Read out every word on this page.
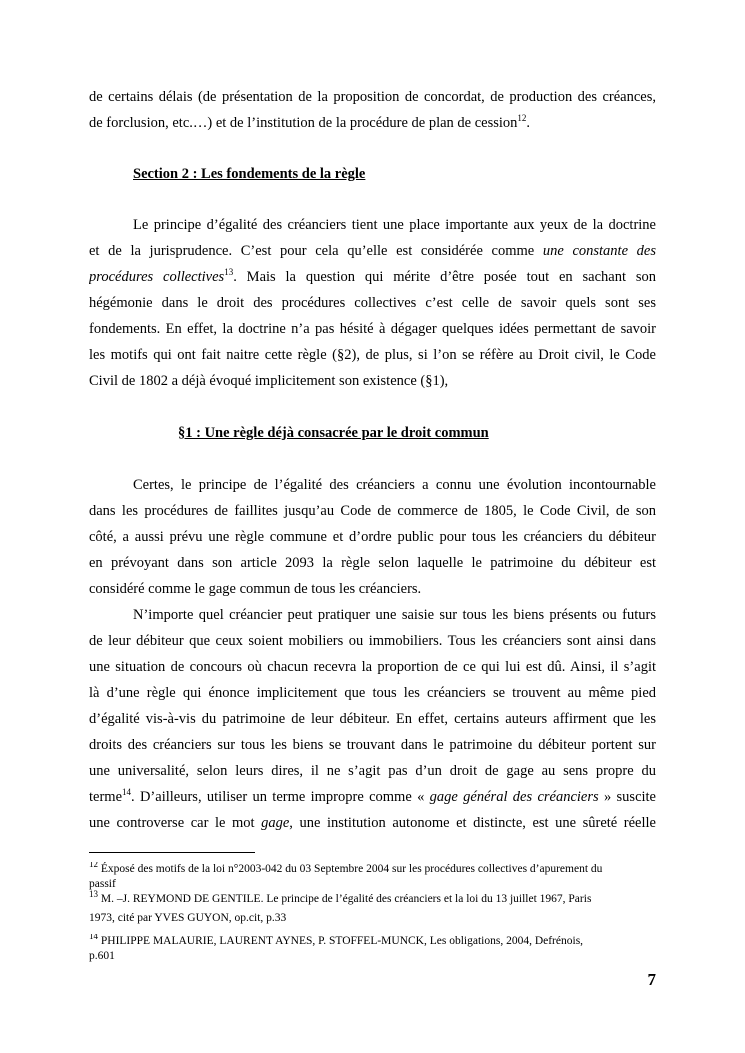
de certains délais (de présentation de la proposition de concordat, de production des créances,
de forclusion, etc.…) et de l’institution de la procédure de plan de cession$^{12}$.
Section 2 : Les fondements de la règle
Le principe d’égalité des créanciers tient une place importante aux yeux de la doctrine
et de la jurisprudence. C’est pour cela qu’elle est considérée comme une constante des
procédures collectives$^{13}$. Mais la question qui mérite d’être posée tout en sachant son
hégémonie dans le droit des procédures collectives c’est celle de savoir quels sont ses
fondements. En effet, la doctrine n’a pas hésité à dégager quelques idées permettant de savoir
les motifs qui ont fait naitre cette règle (§2), de plus, si l’on se réfère au Droit civil, le Code
Civil de 1802 a déjà évoqué implicitement son existence (§1),
§1 : Une règle déjà consacrée par le droit commun
Certes, le principe de l’égalité des créanciers a connu une évolution incontournable
dans les procédures de faillites jusqu’au Code de commerce de 1805, le Code Civil, de son
côté, a aussi prévu une règle commune et d’ordre public pour tous les créanciers du débiteur
en prévoyant dans son article 2093 la règle selon laquelle le patrimoine du débiteur est
considéré comme le gage commun de tous les créanciers.
N’importe quel créancier peut pratiquer une saisie sur tous les biens présents ou futurs
de leur débiteur que ceux soient mobiliers ou immobiliers. Tous les créanciers sont ainsi dans
une situation de concours où chacun recevra la proportion de ce qui lui est dû. Ainsi, il s’agit
là d’une règle qui énonce implicitement que tous les créanciers se trouvent au même pied
d’égalité vis-à-vis du patrimoine de leur débiteur. En effet, certains auteurs affirment que les
droits des créanciers sur tous les biens se trouvant dans le patrimoine du débiteur portent sur
une universalité, selon leurs dires, il ne s’agit pas d’un droit de gage au sens propre du
terme$^{14}$. D’ailleurs, utiliser un terme impropre comme « gage général des créanciers » suscite
une controverse car le mot gage, une institution autonome et distincte, est une sûreté réelle
$^{12}$ Éxposé des motifs de la loi n°2003-042 du 03 Septembre 2004 sur les procédures collectives d’apurement du
passif
$^{13}$ M. –J. REYMOND DE GENTILE. Le principe de l’égalité des créanciers et la loi du 13 juillet 1967, Paris
1973, cité par YVES GUYON, op.cit, p.33
$^{14}$ PHILIPPE MALAURIE, LAURENT AYNES, P. STOFFEL-MUNCK, Les obligations, 2004, Defrénois,
p.601
7
